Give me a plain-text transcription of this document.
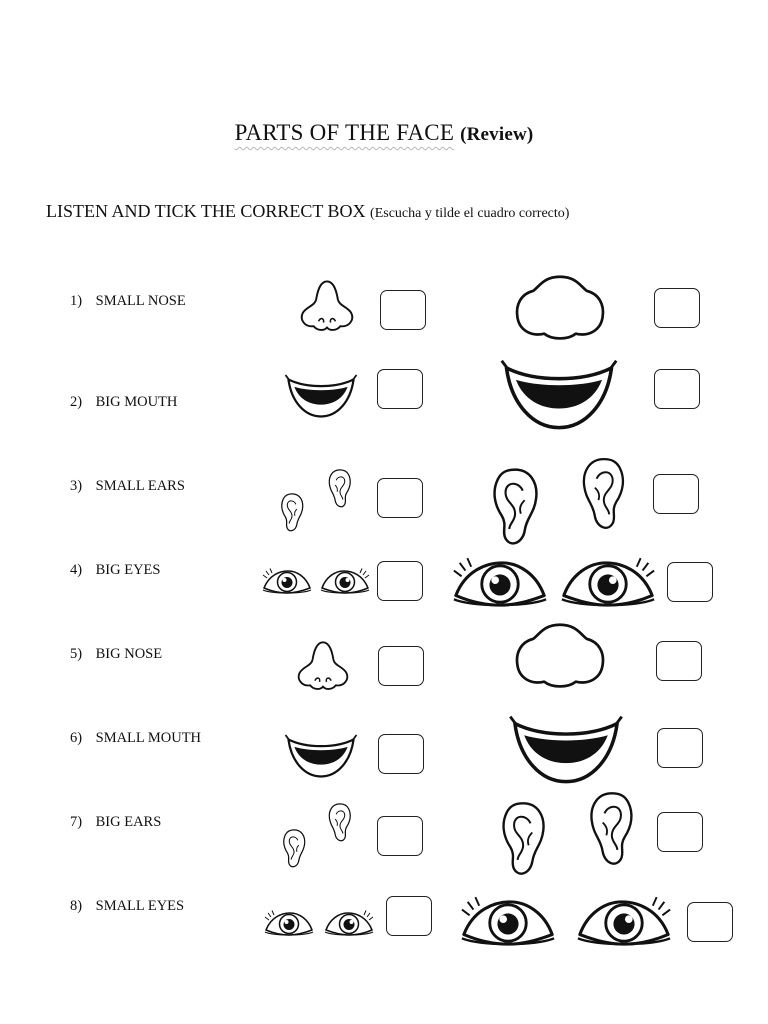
PARTS OF THE FACE (Review)
LISTEN AND TICK THE CORRECT BOX (Escucha y tilde el cuadro correcto)
1) SMALL NOSE
2) BIG MOUTH
3) SMALL EARS
4) BIG EYES
5) BIG NOSE
6) SMALL MOUTH
7) BIG EARS
8) SMALL EYES
